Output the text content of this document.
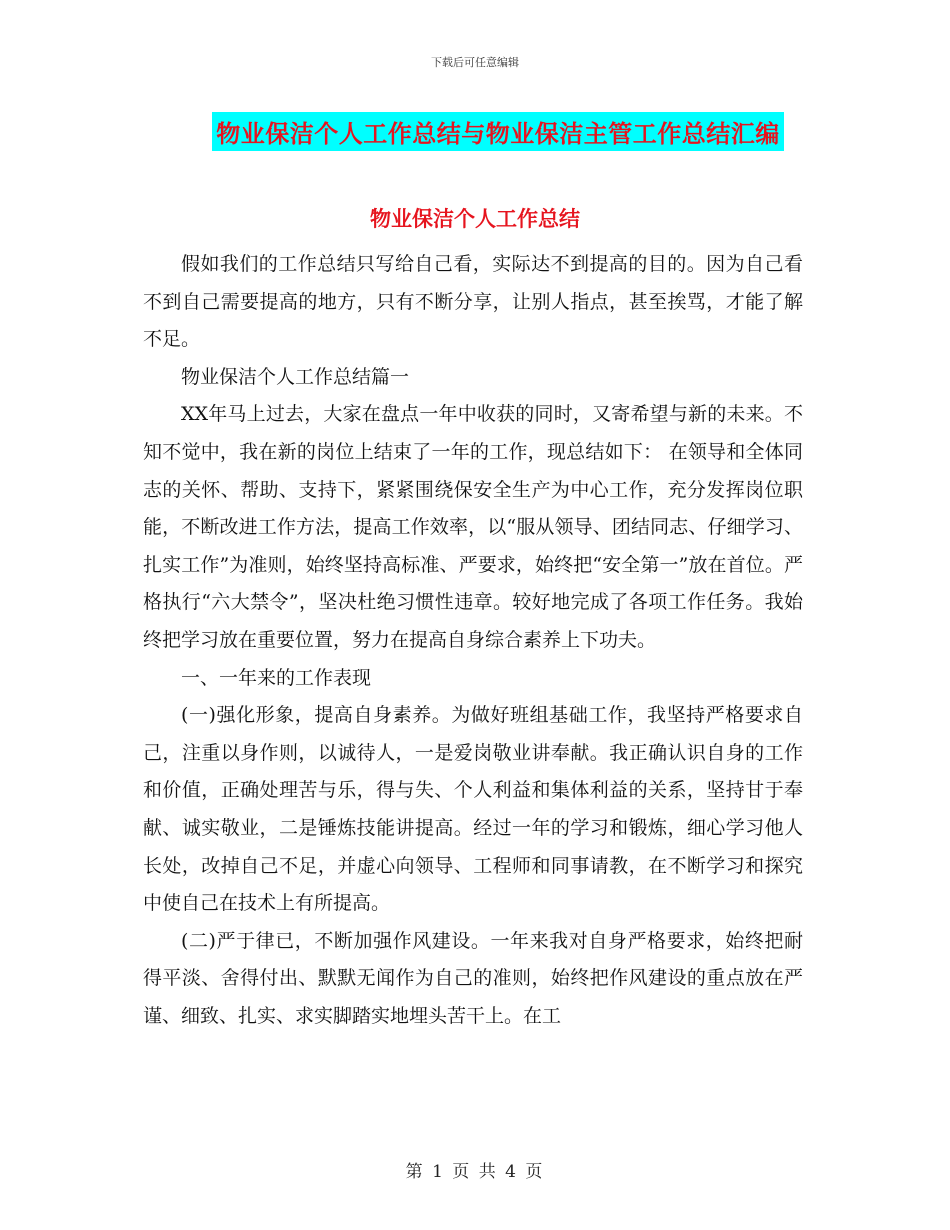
下载后可任意编辑
物业保洁个人工作总结与物业保洁主管工作总结汇编
物业保洁个人工作总结

假如我们的工作总结只写给自己看，实际达不到提高的目的。因为自己看不到自己需要提高的地方，只有不断分享，让别人指点，甚至挨骂，才能了解不足。

物业保洁个人工作总结篇一

XX年马上过去，大家在盘点一年中收获的同时，又寄希望与新的未来。不知不觉中，我在新的岗位上结束了一年的工作，现总结如下： 在领导和全体同志的关怀、帮助、支持下，紧紧围绕保安全生产为中心工作，充分发挥岗位职能，不断改进工作方法，提高工作效率，以“服从领导、团结同志、仔细学习、扎实工作”为准则，始终坚持高标准、严要求，始终把“安全第一”放在首位。严格执行“六大禁令”，坚决杜绝习惯性违章。较好地完成了各项工作任务。我始终把学习放在重要位置，努力在提高自身综合素养上下功夫。

一、一年来的工作表现

(一)强化形象，提高自身素养。为做好班组基础工作，我坚持严格要求自己，注重以身作则，以诚待人，一是爱岗敬业讲奉献。我正确认识自身的工作和价值，正确处理苦与乐，得与失、个人利益和集体利益的关系，坚持甘于奉献、诚实敬业，二是锤炼技能讲提高。经过一年的学习和锻炼，细心学习他人长处，改掉自己不足，并虚心向领导、工程师和同事请教，在不断学习和探究中使自己在技术上有所提高。

(二)严于律已，不断加强作风建设。一年来我对自身严格要求，始终把耐得平淡、舍得付出、默默无闻作为自己的准则，始终把作风建设的重点放在严谨、细致、扎实、求实脚踏实地埋头苦干上。在工

第 1 页 共 4 页
